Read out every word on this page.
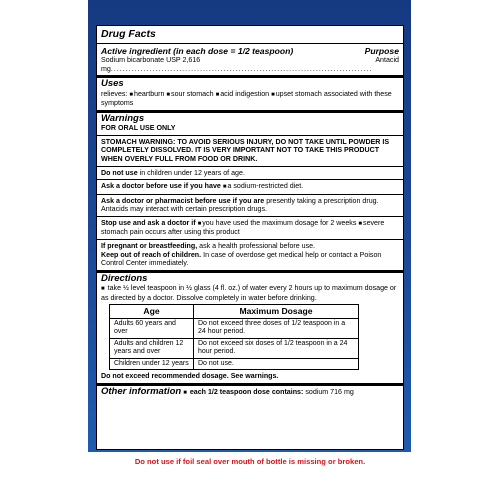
Drug Facts
Active ingredient (in each dose = 1/2 teaspoon)	Purpose
Sodium bicarbonate USP 2,616 mg........................................................................................
Antacid
Uses
relieves: ■ heartburn ■ sour stomach ■ acid indigestion ■ upset stomach associated with these symptoms
Warnings
FOR ORAL USE ONLY
STOMACH WARNING: TO AVOID SERIOUS INJURY, DO NOT TAKE UNTIL POWDER IS COMPLETELY DISSOLVED. IT IS VERY IMPORTANT NOT TO TAKE THIS PRODUCT WHEN OVERLY FULL FROM FOOD OR DRINK.
Do not use in children under 12 years of age.
Ask a doctor before use if you have ■ a sodium-restricted diet.
Ask a doctor or pharmacist before use if you are presently taking a prescription drug. Antacids may interact with certain prescription drugs.
Stop use and ask a doctor if ■ you have used the maximum dosage for 2 weeks ■ severe stomach pain occurs after using this product
If pregnant or breastfeeding, ask a health professional before use.
Keep out of reach of children. In case of overdose get medical help or contact a Poison Control Center immediately.
Directions
■ take ½ level teaspoon in ½ glass (4 fl. oz.) of water every 2 hours up to maximum dosage or as directed by a doctor. Dissolve completely in water before drinking.
Age	Maximum Dosage
Adults 60 years and over	Do not exceed three doses of 1/2 teaspoon in a 24 hour period.
Adults and children 12 years and over	Do not exceed six doses of 1/2 teaspoon in a 24 hour period.
Children under 12 years	Do not use.
Do not exceed recommended dosage. See warnings.
Other information ■ each 1/2 teaspoon dose contains: sodium 716 mg
Do not use if foil seal over mouth of bottle is missing or broken.
